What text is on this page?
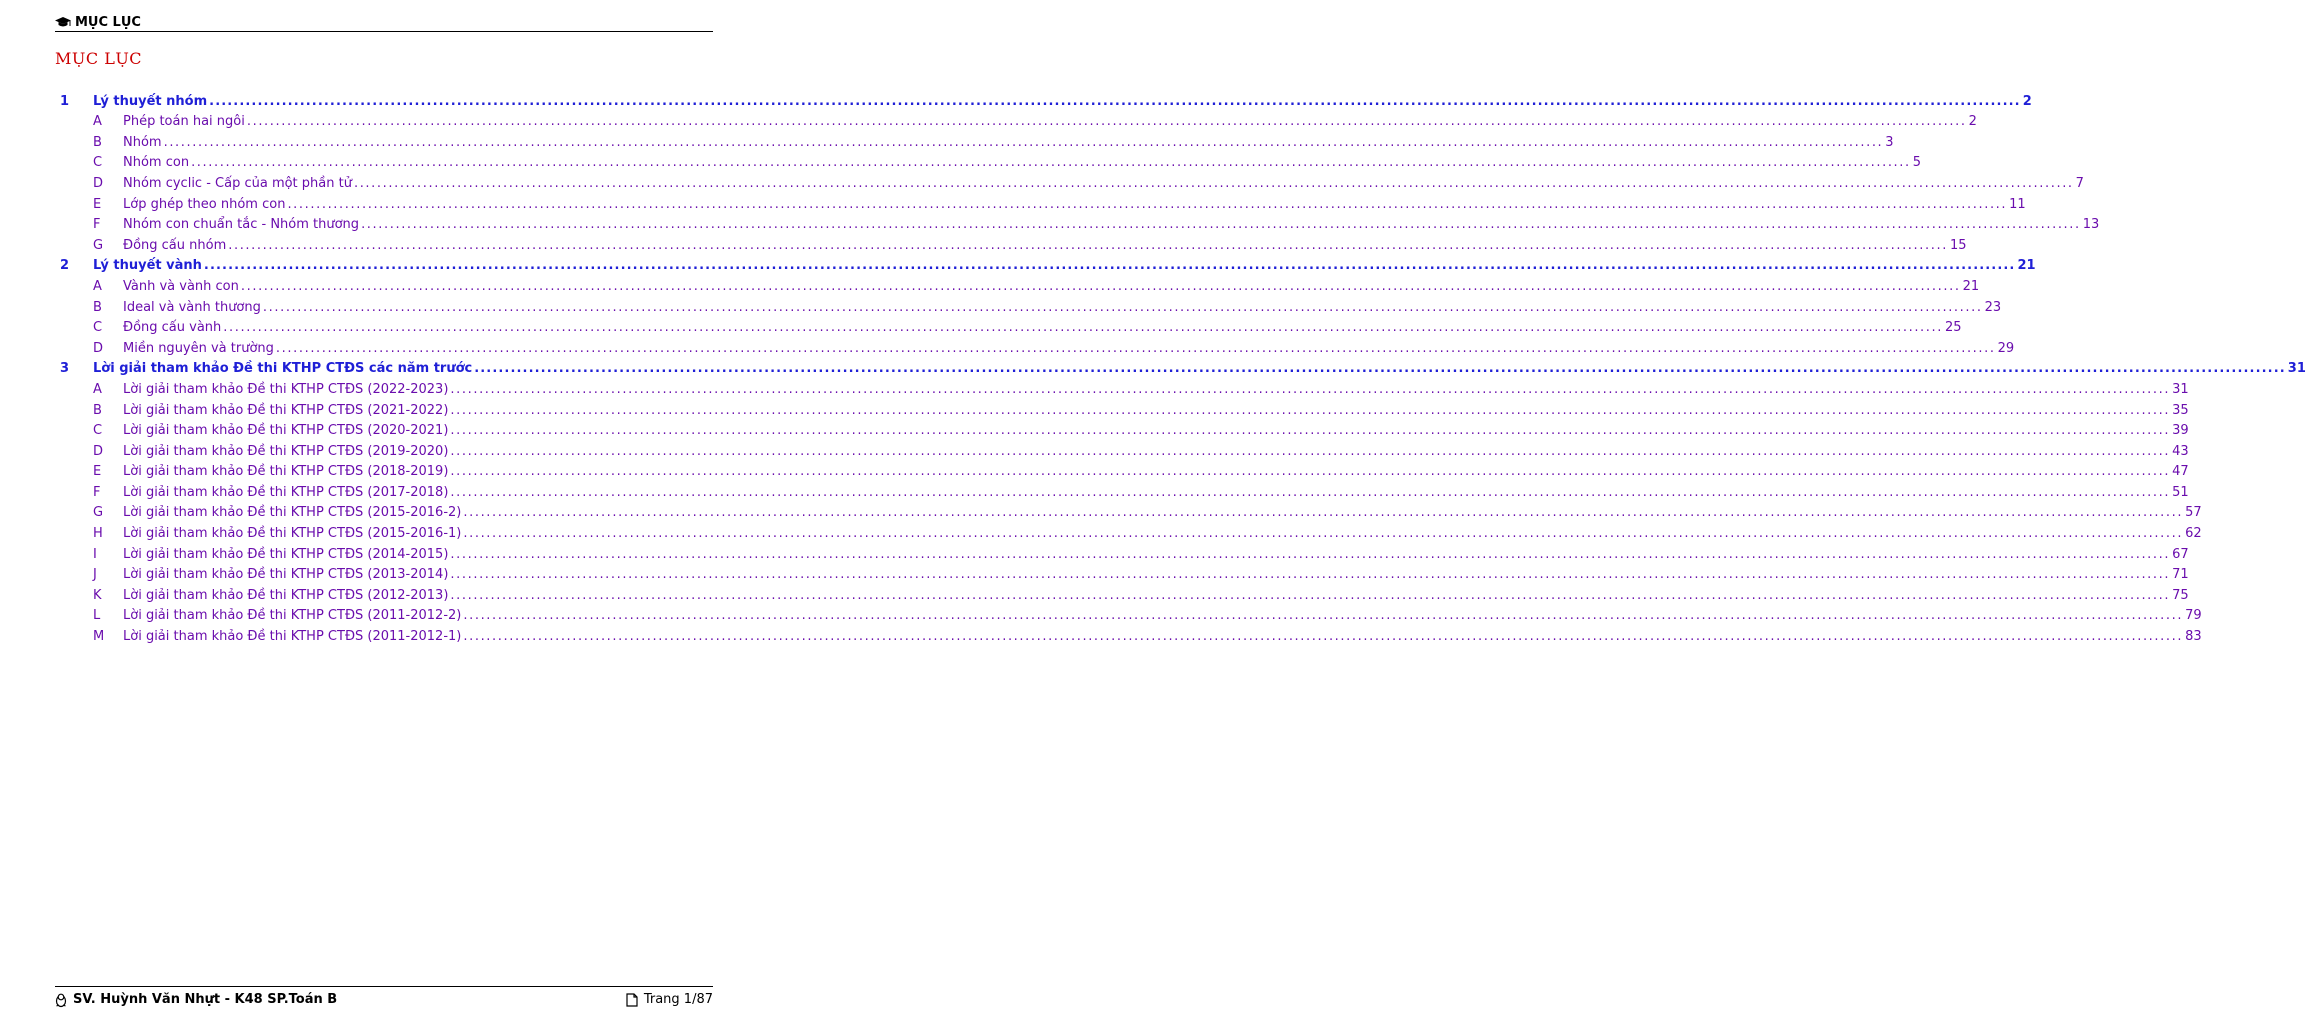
MỤC LỤC
MỤC LỤC
1 Lý thuyết nhóm ............................................................................................................................................................................................................................................................................................................ 2
A Phép toán hai ngôi ............................................................................................................................................................................................................................................................................................................ 2
B Nhóm ............................................................................................................................................................................................................................................................................................................ 3
C Nhóm con ............................................................................................................................................................................................................................................................................................................ 5
D Nhóm cyclic - Cấp của một phần tử ............................................................................................................................................................................................................................................................................................................ 7
E Lớp ghép theo nhóm con ............................................................................................................................................................................................................................................................................................................ 11
F Nhóm con chuẩn tắc - Nhóm thương ............................................................................................................................................................................................................................................................................................................ 13
G Đồng cấu nhóm ............................................................................................................................................................................................................................................................................................................ 15
2 Lý thuyết vành ............................................................................................................................................................................................................................................................................................................ 21
A Vành và vành con ............................................................................................................................................................................................................................................................................................................ 21
B Ideal và vành thương ............................................................................................................................................................................................................................................................................................................ 23
C Đồng cấu vành ............................................................................................................................................................................................................................................................................................................ 25
D Miền nguyên và trường ............................................................................................................................................................................................................................................................................................................ 29
3 Lời giải tham khảo Đề thi KTHP CTĐS các năm trước ............................................................................................................................................................................................................................................................................................................ 31
A Lời giải tham khảo Đề thi KTHP CTĐS (2022-2023) ............................................................................................................................................................................................................................................................................................................ 31
B Lời giải tham khảo Đề thi KTHP CTĐS (2021-2022) ............................................................................................................................................................................................................................................................................................................ 35
C Lời giải tham khảo Đề thi KTHP CTĐS (2020-2021) ............................................................................................................................................................................................................................................................................................................ 39
D Lời giải tham khảo Đề thi KTHP CTĐS (2019-2020) ............................................................................................................................................................................................................................................................................................................ 43
E Lời giải tham khảo Đề thi KTHP CTĐS (2018-2019) ............................................................................................................................................................................................................................................................................................................ 47
F Lời giải tham khảo Đề thi KTHP CTĐS (2017-2018) ............................................................................................................................................................................................................................................................................................................ 51
G Lời giải tham khảo Đề thi KTHP CTĐS (2015-2016-2) ............................................................................................................................................................................................................................................................................................................ 57
H Lời giải tham khảo Đề thi KTHP CTĐS (2015-2016-1) ............................................................................................................................................................................................................................................................................................................ 62
I Lời giải tham khảo Đề thi KTHP CTĐS (2014-2015) ............................................................................................................................................................................................................................................................................................................ 67
J Lời giải tham khảo Đề thi KTHP CTĐS (2013-2014) ............................................................................................................................................................................................................................................................................................................ 71
K Lời giải tham khảo Đề thi KTHP CTĐS (2012-2013) ............................................................................................................................................................................................................................................................................................................ 75
L Lời giải tham khảo Đề thi KTHP CTĐS (2011-2012-2) ............................................................................................................................................................................................................................................................................................................ 79
M Lời giải tham khảo Đề thi KTHP CTĐS (2011-2012-1) ............................................................................................................................................................................................................................................................................................................ 83
SV. Huỳnh Văn Nhựt - K48 SP.Toán B	Trang 1/87
